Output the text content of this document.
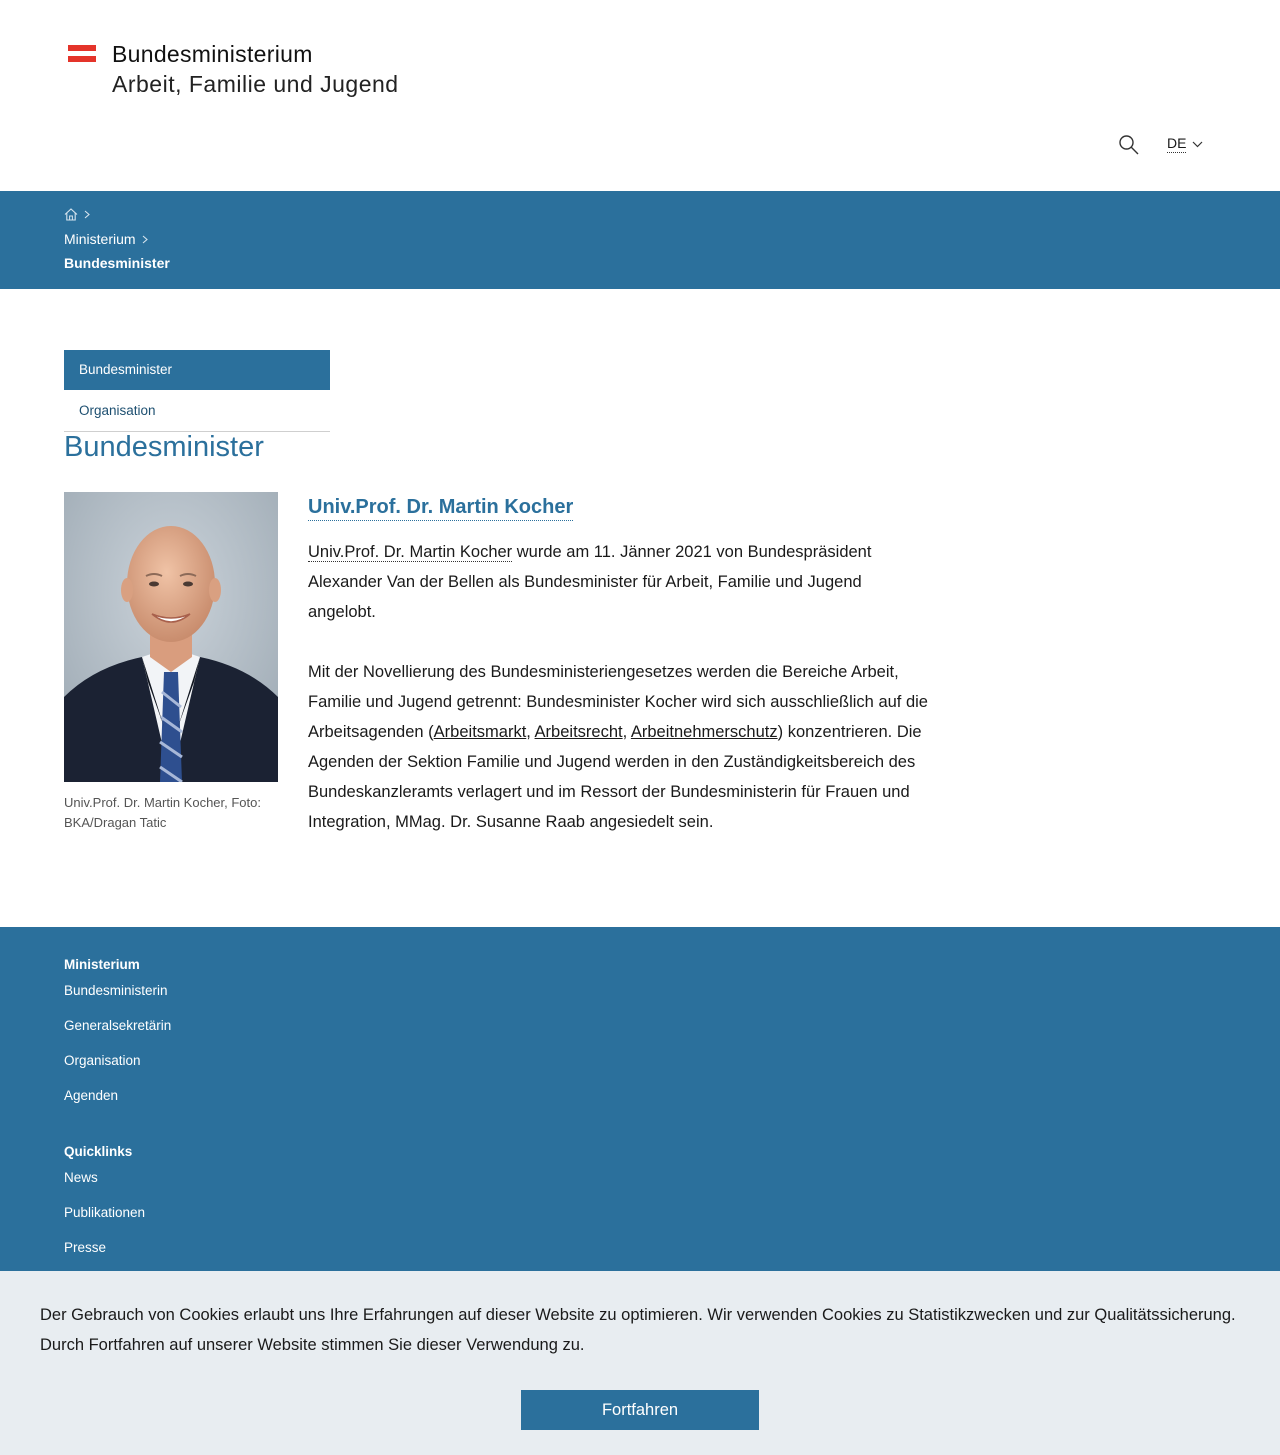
Bundesministerium
Arbeit, Familie und Jugend
DE
Ministerium
Bundesminister
Bundesminister
Organisation
Bundesminister
Univ.Prof. Dr. Martin Kocher, Foto: BKA/Dragan Tatic
Univ.Prof. Dr. Martin Kocher

Univ.Prof. Dr. Martin Kocher wurde am 11. Jänner 2021 von Bundespräsident Alexander Van der Bellen als Bundesminister für Arbeit, Familie und Jugend angelobt.

Mit der Novellierung des Bundesministeriengesetzes werden die Bereiche Arbeit, Familie und Jugend getrennt: Bundesminister Kocher wird sich ausschließlich auf die Arbeitsagenden (Arbeitsmarkt, Arbeitsrecht, Arbeitnehmerschutz) konzentrieren. Die Agenden der Sektion Familie und Jugend werden in den Zuständigkeitsbereich des Bundeskanzleramts verlagert und im Ressort der Bundesministerin für Frauen und Integration, MMag. Dr. Susanne Raab angesiedelt sein.

Ministerium
Bundesministerin
Generalsekretärin
Organisation
Agenden
Quicklinks
News
Publikationen
Presse

Der Gebrauch von Cookies erlaubt uns Ihre Erfahrungen auf dieser Website zu optimieren. Wir verwenden Cookies zu Statistikzwecken und zur Qualitätssicherung. Durch Fortfahren auf unserer Website stimmen Sie dieser Verwendung zu.

Fortfahren
